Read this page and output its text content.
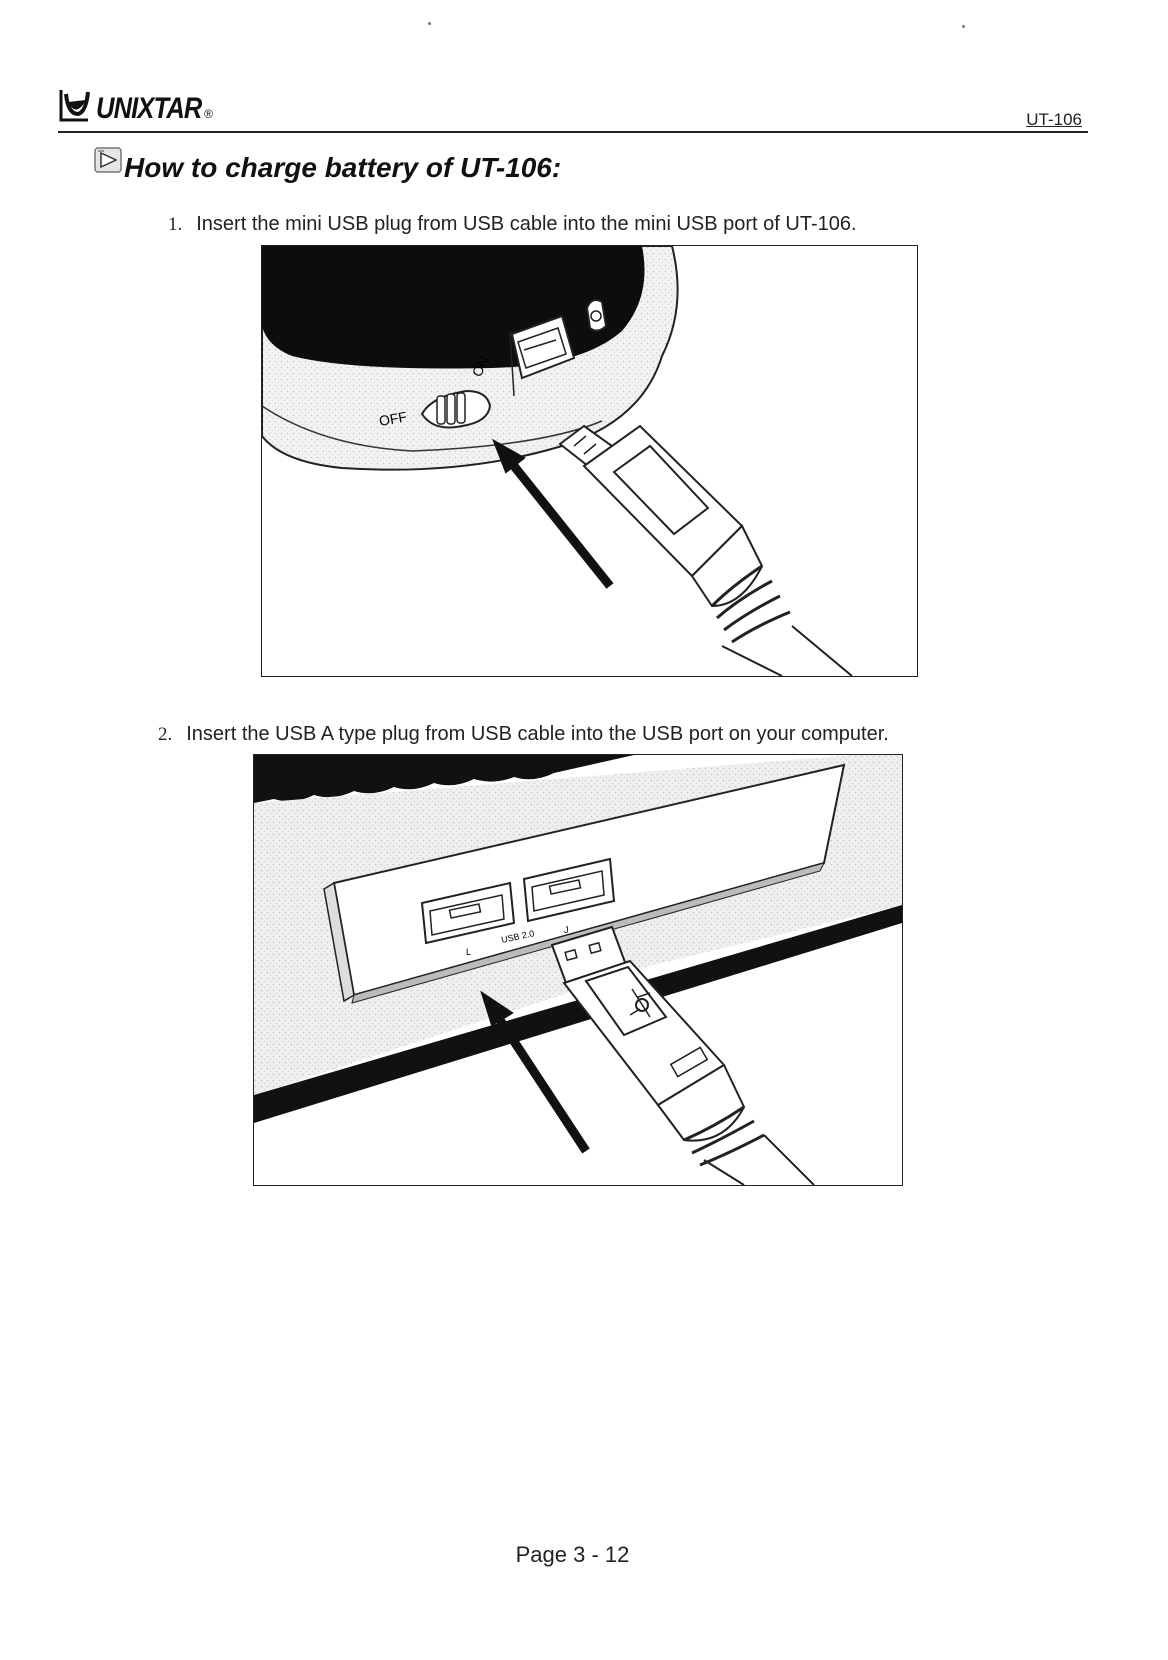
UNIXTAR ®	UT-106
How to charge battery of UT-106:
1. Insert the mini USB plug from USB cable into the mini USB port of UT-106.
OFF
ON
2. Insert the USB A type plug from USB cable into the USB port on your computer.
USB 2.0
L
J
Page 3 - 12
